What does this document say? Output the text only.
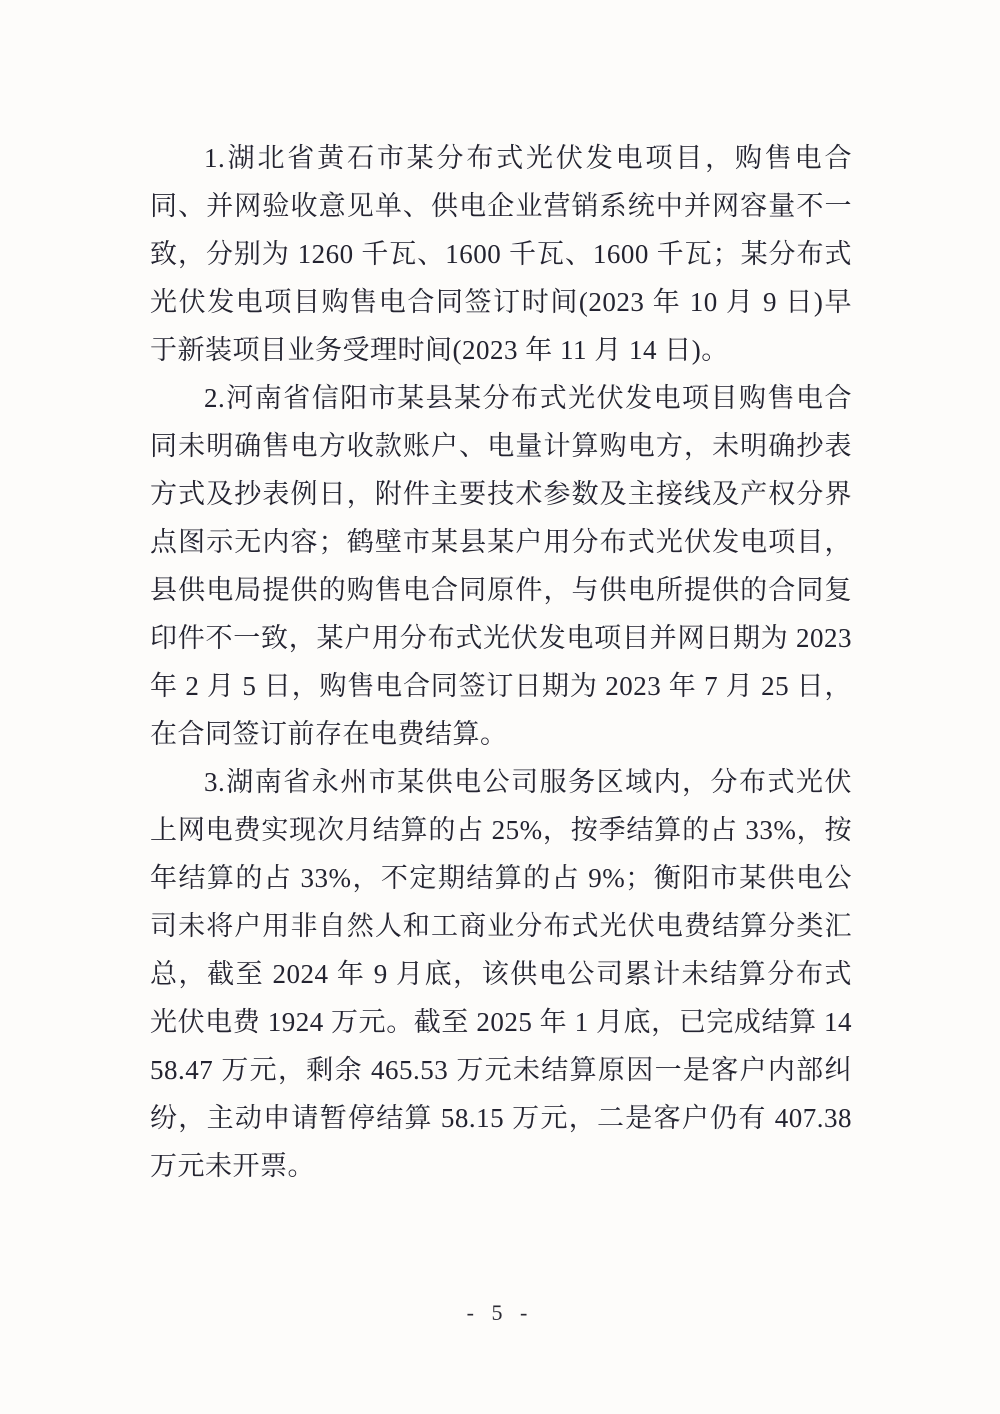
1.湖北省黄石市某分布式光伏发电项目，购售电合同、并网验收意见单、供电企业营销系统中并网容量不一致，分别为 1260 千瓦、1600 千瓦、1600 千瓦；某分布式光伏发电项目购售电合同签订时间(2023 年 10 月 9 日)早于新装项目业务受理时间(2023 年 11 月 14 日)。

2.河南省信阳市某县某分布式光伏发电项目购售电合同未明确售电方收款账户、电量计算购电方，未明确抄表方式及抄表例日，附件主要技术参数及主接线及产权分界点图示无内容；鹤壁市某县某户用分布式光伏发电项目，县供电局提供的购售电合同原件，与供电所提供的合同复印件不一致，某户用分布式光伏发电项目并网日期为 2023 年 2 月 5 日，购售电合同签订日期为 2023 年 7 月 25 日，在合同签订前存在电费结算。

3.湖南省永州市某供电公司服务区域内，分布式光伏上网电费实现次月结算的占 25%，按季结算的占 33%，按年结算的占 33%，不定期结算的占 9%；衡阳市某供电公司未将户用非自然人和工商业分布式光伏电费结算分类汇总，截至 2024 年 9 月底，该供电公司累计未结算分布式光伏电费 1924 万元。截至 2025 年 1 月底，已完成结算 1458.47 万元，剩余 465.53 万元未结算原因一是客户内部纠纷，主动申请暂停结算 58.15 万元，二是客户仍有 407.38 万元未开票。

- 5 -
